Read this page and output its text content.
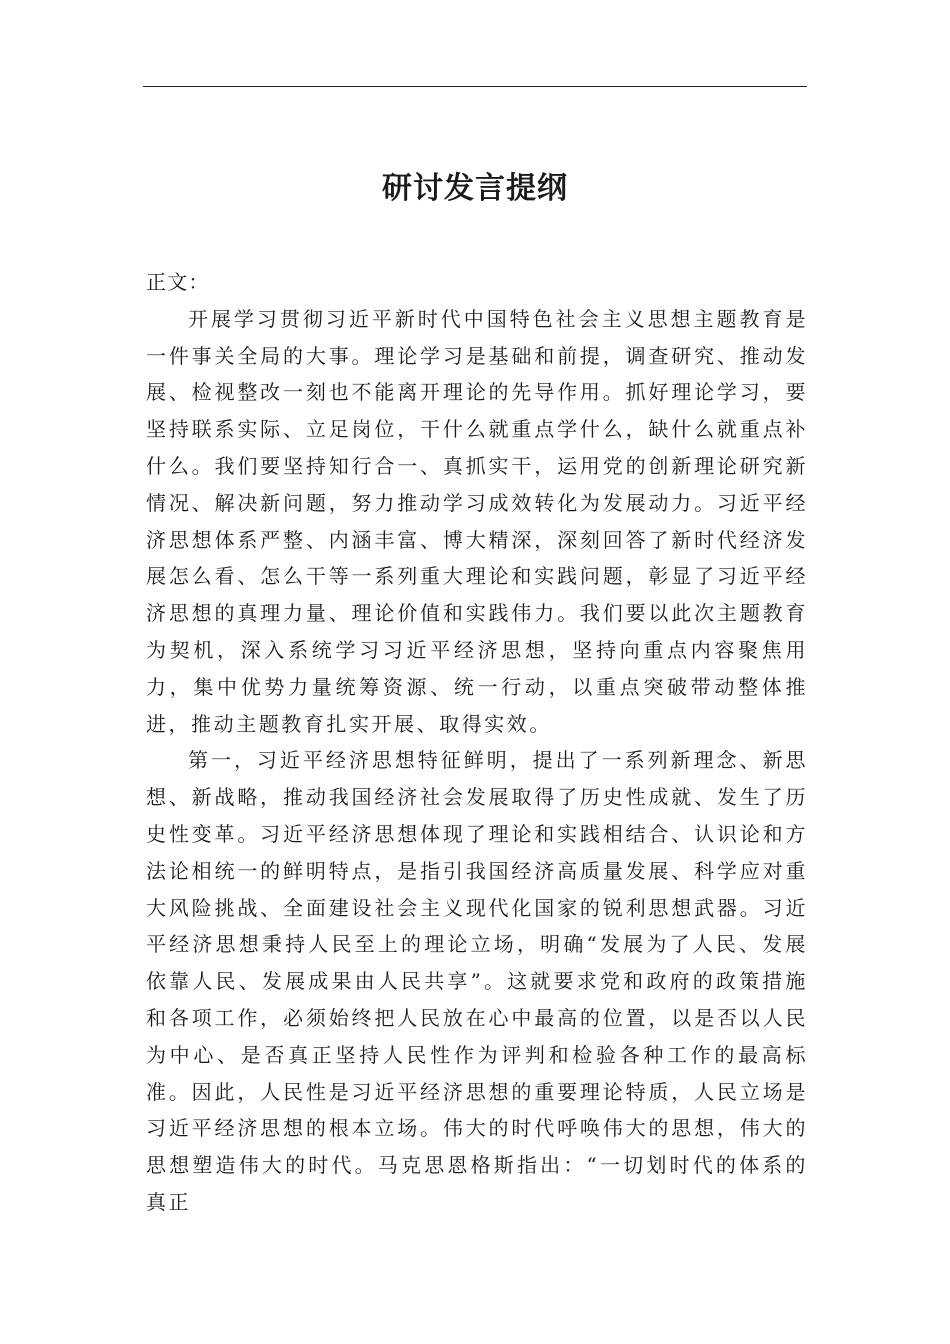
研讨发言提纲

正文：

开展学习贯彻习近平新时代中国特色社会主义思想主题教育是一件事关全局的大事。理论学习是基础和前提，调查研究、推动发展、检视整改一刻也不能离开理论的先导作用。抓好理论学习，要坚持联系实际、立足岗位，干什么就重点学什么，缺什么就重点补什么。我们要坚持知行合一、真抓实干，运用党的创新理论研究新情况、解决新问题，努力推动学习成效转化为发展动力。习近平经济思想体系严整、内涵丰富、博大精深，深刻回答了新时代经济发展怎么看、怎么干等一系列重大理论和实践问题，彰显了习近平经济思想的真理力量、理论价值和实践伟力。我们要以此次主题教育为契机，深入系统学习习近平经济思想，坚持向重点内容聚焦用力，集中优势力量统筹资源、统一行动，以重点突破带动整体推进，推动主题教育扎实开展、取得实效。

第一，习近平经济思想特征鲜明，提出了一系列新理念、新思想、新战略，推动我国经济社会发展取得了历史性成就、发生了历史性变革。习近平经济思想体现了理论和实践相结合、认识论和方法论相统一的鲜明特点，是指引我国经济高质量发展、科学应对重大风险挑战、全面建设社会主义现代化国家的锐利思想武器。习近平经济思想秉持人民至上的理论立场，明确“发展为了人民、发展依靠人民、发展成果由人民共享”。这就要求党和政府的政策措施和各项工作，必须始终把人民放在心中最高的位置，以是否以人民为中心、是否真正坚持人民性作为评判和检验各种工作的最高标准。因此，人民性是习近平经济思想的重要理论特质，人民立场是习近平经济思想的根本立场。伟大的时代呼唤伟大的思想，伟大的思想塑造伟大的时代。马克思恩格斯指出：“一切划时代的体系的真正
